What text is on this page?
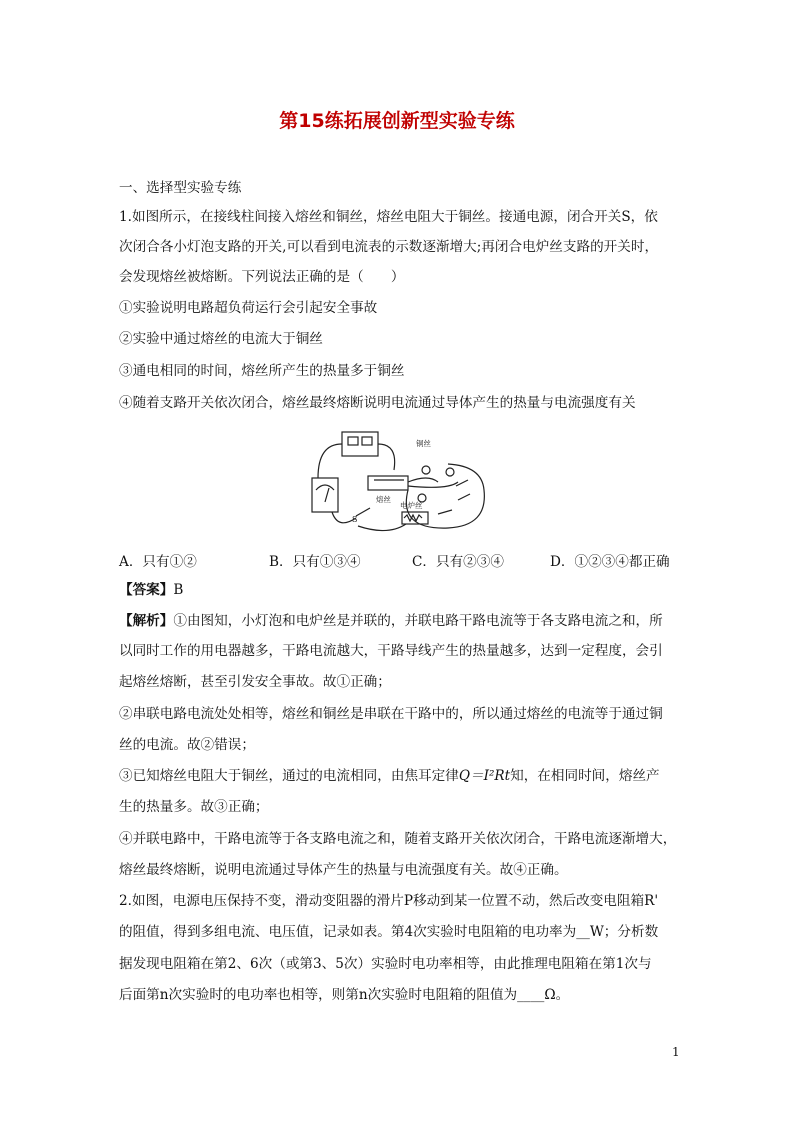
第15练拓展创新型实验专练
一、选择型实验专练
1.如图所示，在接线柱间接入熔丝和铜丝，熔丝电阻大于铜丝。接通电源，闭合开关S，依
次闭合各小灯泡支路的开关,可以看到电流表的示数逐渐增大;再闭合电炉丝支路的开关时，
会发现熔丝被熔断。下列说法正确的是（　　）
①实验说明电路超负荷运行会引起安全事故
②实验中通过熔丝的电流大于铜丝
③通电相同的时间，熔丝所产生的热量多于铜丝
④随着支路开关依次闭合，熔丝最终熔断说明电流通过导体产生的热量与电流强度有关
铜丝
熔丝
电炉丝
S
A．只有①②	B．只有①③④	C．只有②③④	D．①②③④都正确
【答案】B
【解析】①由图知，小灯泡和电炉丝是并联的，并联电路干路电流等于各支路电流之和，所
以同时工作的用电器越多，干路电流越大，干路导线产生的热量越多，达到一定程度，会引
起熔丝熔断，甚至引发安全事故。故①正确；
②串联电路电流处处相等，熔丝和铜丝是串联在干路中的，所以通过熔丝的电流等于通过铜
丝的电流。故②错误；
③已知熔丝电阻大于铜丝，通过的电流相同，由焦耳定律Q＝I²Rt知，在相同时间，熔丝产
生的热量多。故③正确；
④并联电路中，干路电流等于各支路电流之和，随着支路开关依次闭合，干路电流逐渐增大，
熔丝最终熔断，说明电流通过导体产生的热量与电流强度有关。故④正确。
2.如图，电源电压保持不变，滑动变阻器的滑片P移动到某一位置不动，然后改变电阻箱R'
的阻值，得到多组电流、电压值，记录如表。第4次实验时电阻箱的电功率为__W；分析数
据发现电阻箱在第2、6次（或第3、5次）实验时电功率相等，由此推理电阻箱在第1次与
后面第n次实验时的电功率也相等，则第n次实验时电阻箱的阻值为____Ω。
1
